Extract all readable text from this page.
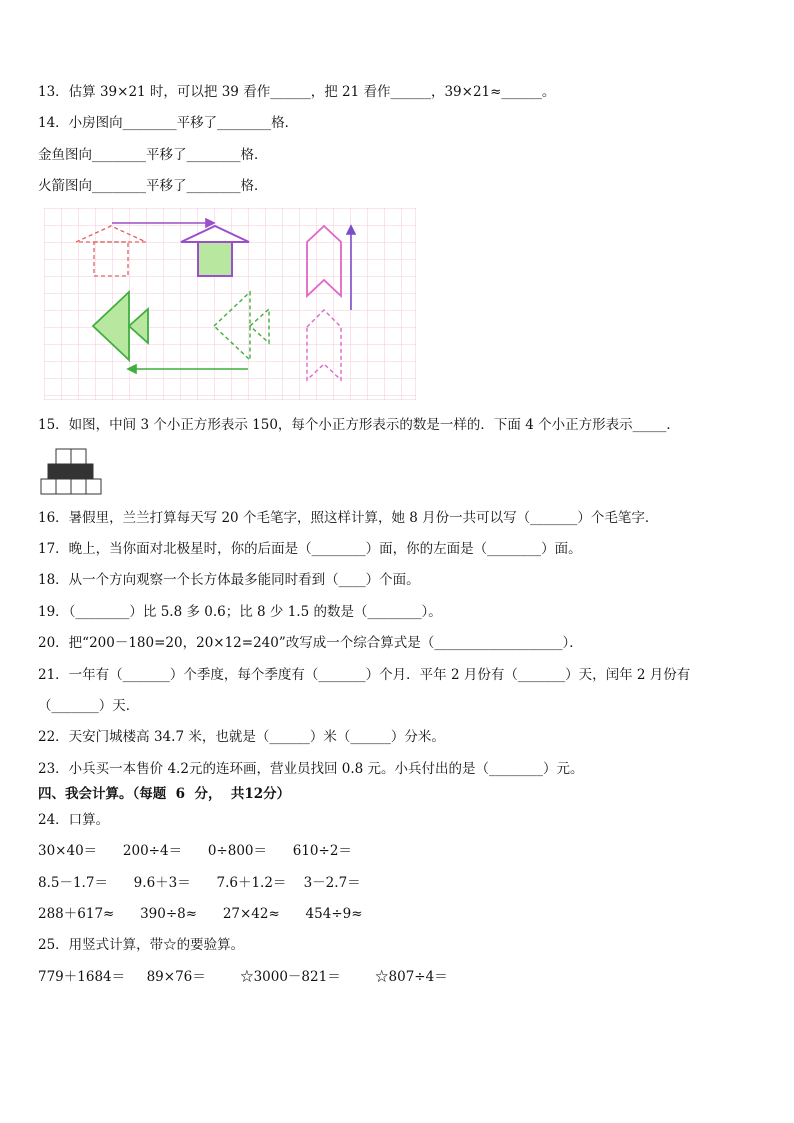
13．估算 39×21 时，可以把 39 看作______，把 21 看作______，39×21≈______。
14．小房图向________平移了________格．
金鱼图向________平移了________格．
火箭图向________平移了________格．
15．如图，中间 3 个小正方形表示 150，每个小正方形表示的数是一样的．下面 4 个小正方形表示_____．
16．暑假里，兰兰打算每天写 20 个毛笔字，照这样计算，她 8 月份一共可以写（_______）个毛笔字．
17．晚上，当你面对北极星时，你的后面是（________）面，你的左面是（________）面。
18．从一个方向观察一个长方体最多能同时看到（____）个面。
19．（________）比 5.8 多 0.6；比 8 少 1.5 的数是（________）。
20．把“200－180=20，20×12=240”改写成一个综合算式是（___________________）．
21．一年有（_______）个季度，每个季度有（_______）个月．平年 2 月份有（_______）天，闰年 2 月份有
（_______）天．
22．天安门城楼高 34.7 米，也就是（______）米（______）分米。
23．小兵买一本售价 4.2元的连环画，营业员找回 0.8 元。小兵付出的是（________）元。
四、我会计算。（每题  6  分，  共12分）
24．口算。
30×40＝      200÷4＝      0÷800＝      610÷2＝
8.5－1.7＝      9.6＋3＝      7.6＋1.2＝    3－2.7＝
288＋617≈      390÷8≈      27×42≈      454÷9≈
25．用竖式计算，带☆的要验算。
779＋1684＝     89×76＝        ☆3000－821＝        ☆807÷4＝
